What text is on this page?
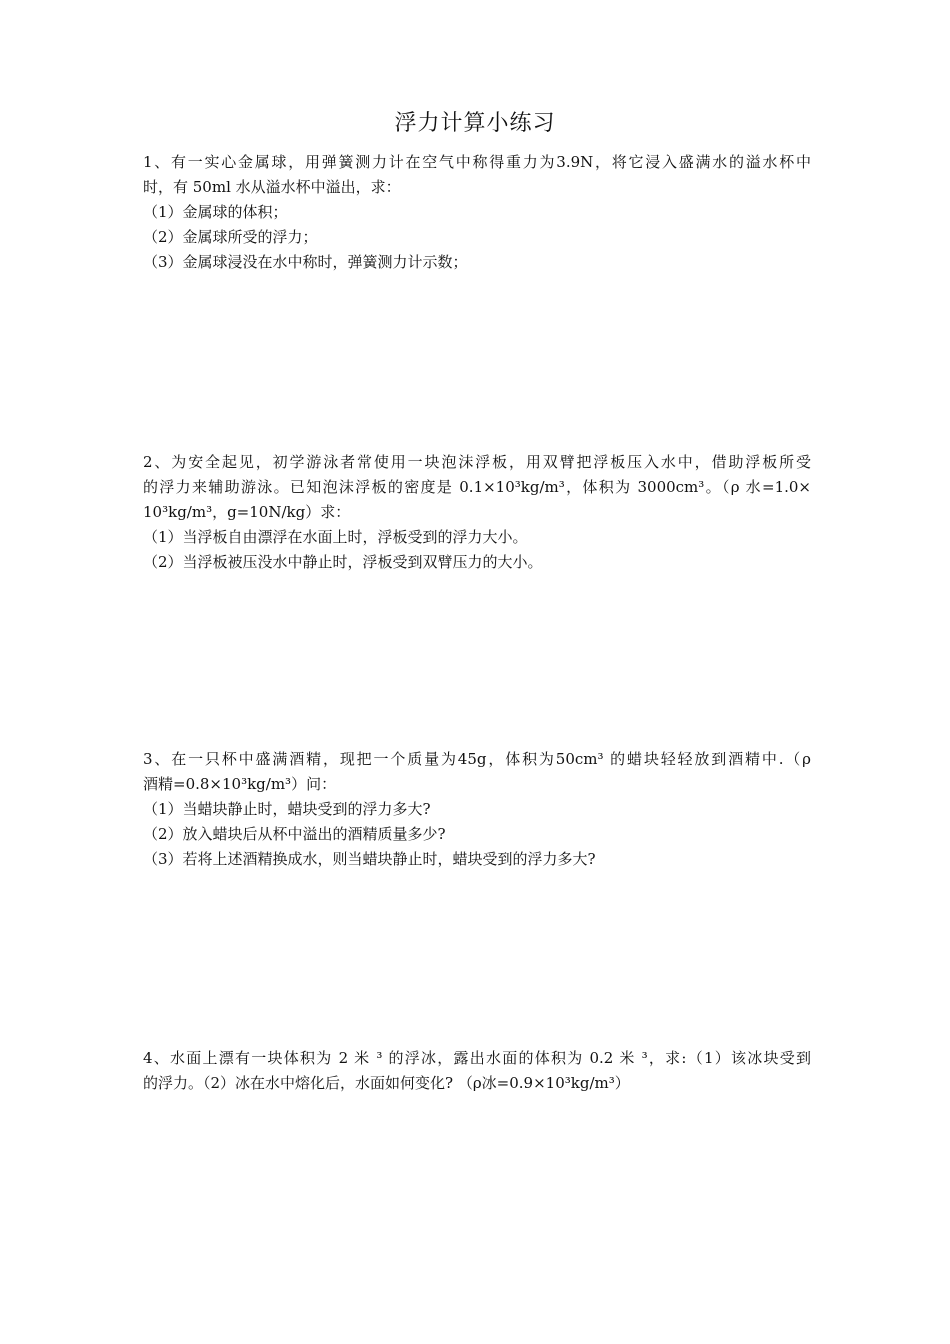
浮力计算小练习
1、有一实心金属球，用弹簧测力计在空气中称得重力为3.9N，将它浸入盛满水的溢水杯中
时，有 50ml 水从溢水杯中溢出，求：
（1）金属球的体积；
（2）金属球所受的浮力；
（3）金属球浸没在水中称时，弹簧测力计示数；
2、为安全起见，初学游泳者常使用一块泡沫浮板，用双臂把浮板压入水中，借助浮板所受
的浮力来辅助游泳。已知泡沫浮板的密度是 0.1×10³kg/m³，体积为 3000cm³。（ρ 水=1.0×
10³kg/m³，g=10N/kg）求：
（1）当浮板自由漂浮在水面上时，浮板受到的浮力大小。
（2）当浮板被压没水中静止时，浮板受到双臂压力的大小。
3、在一只杯中盛满酒精，现把一个质量为45g，体积为50cm³ 的蜡块轻轻放到酒精中.（ρ
酒精=0.8×10³kg/m³）问：
（1）当蜡块静止时，蜡块受到的浮力多大?
（2）放入蜡块后从杯中溢出的酒精质量多少?
（3）若将上述酒精换成水，则当蜡块静止时，蜡块受到的浮力多大?
4、水面上漂有一块体积为 2 米 ³ 的浮冰，露出水面的体积为 0.2 米 ³，求:（1）该冰块受到
的浮力。（2）冰在水中熔化后，水面如何变化? （ρ冰=0.9×10³kg/m³）
